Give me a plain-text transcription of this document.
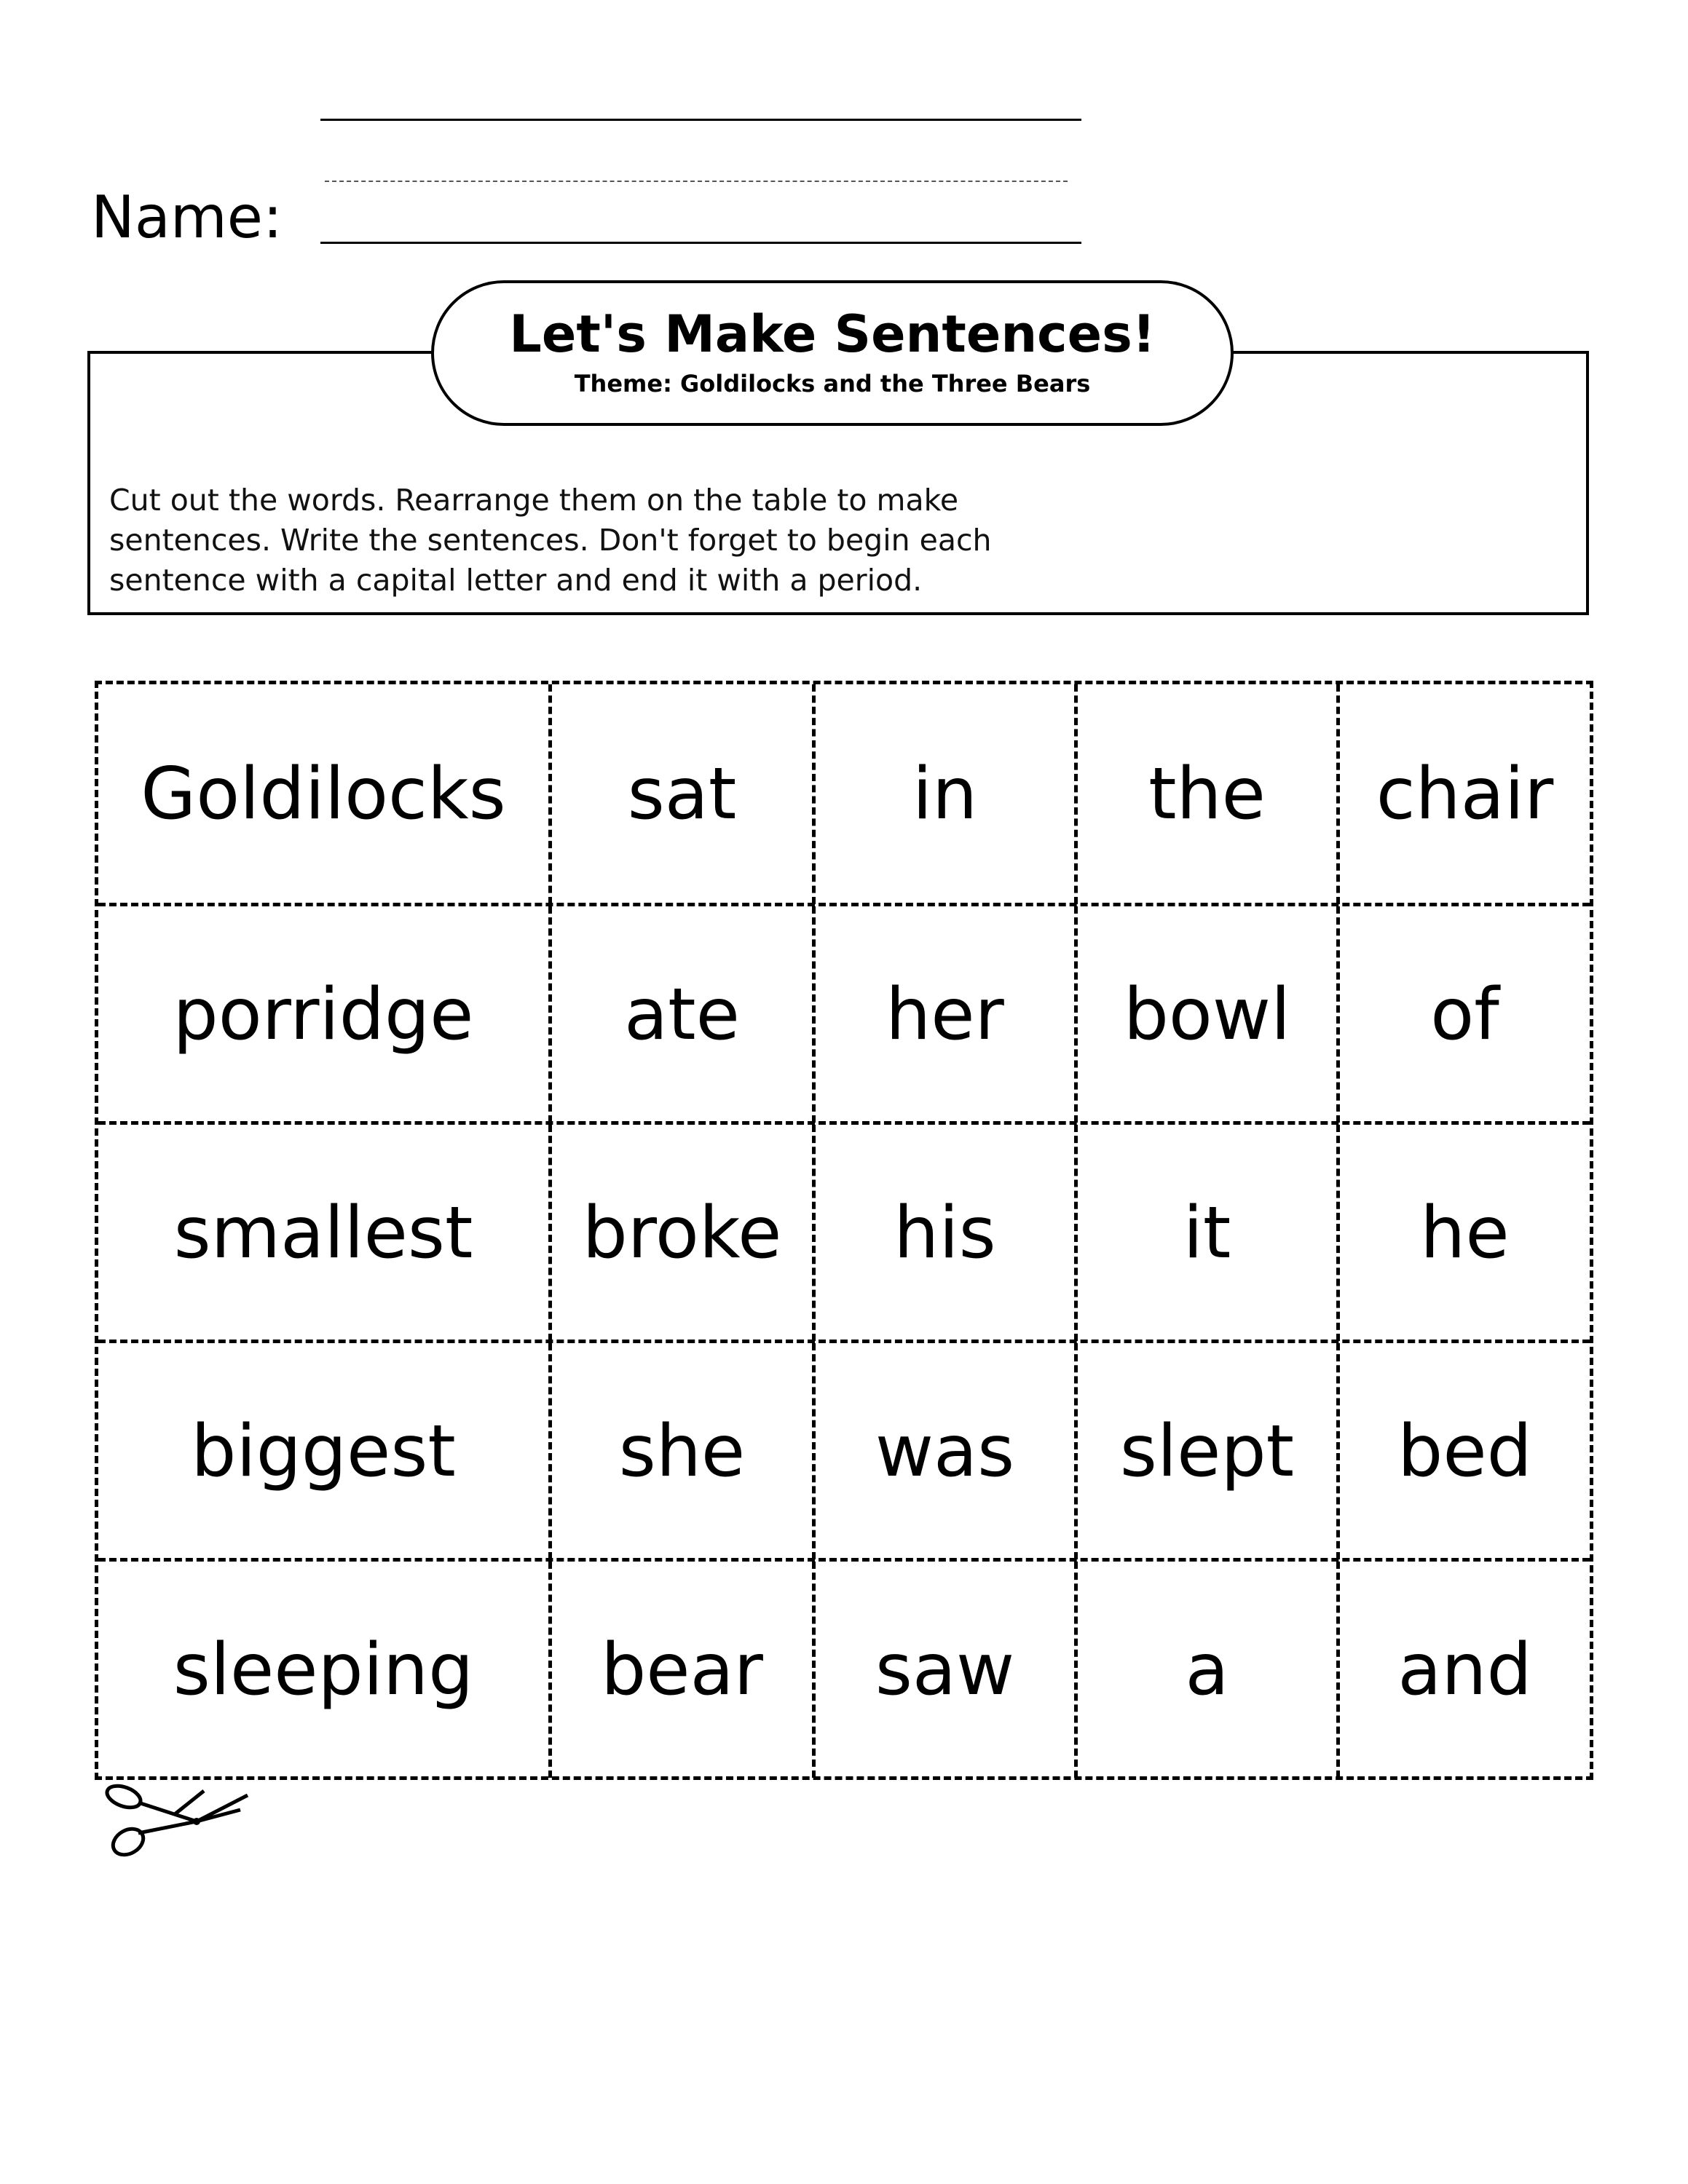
Name:
Let's Make Sentences!
Theme: Goldilocks and the Three Bears
Cut out the words. Rearrange them on the table to make
sentences. Write the sentences. Don't forget to begin each
sentence with a capital letter and end it with a period.
Goldilocks	sat	in	the	chair
porridge	ate	her	bowl	of
smallest	broke	his	it	he
biggest	she	was	slept	bed
sleeping	bear	saw	a	and
